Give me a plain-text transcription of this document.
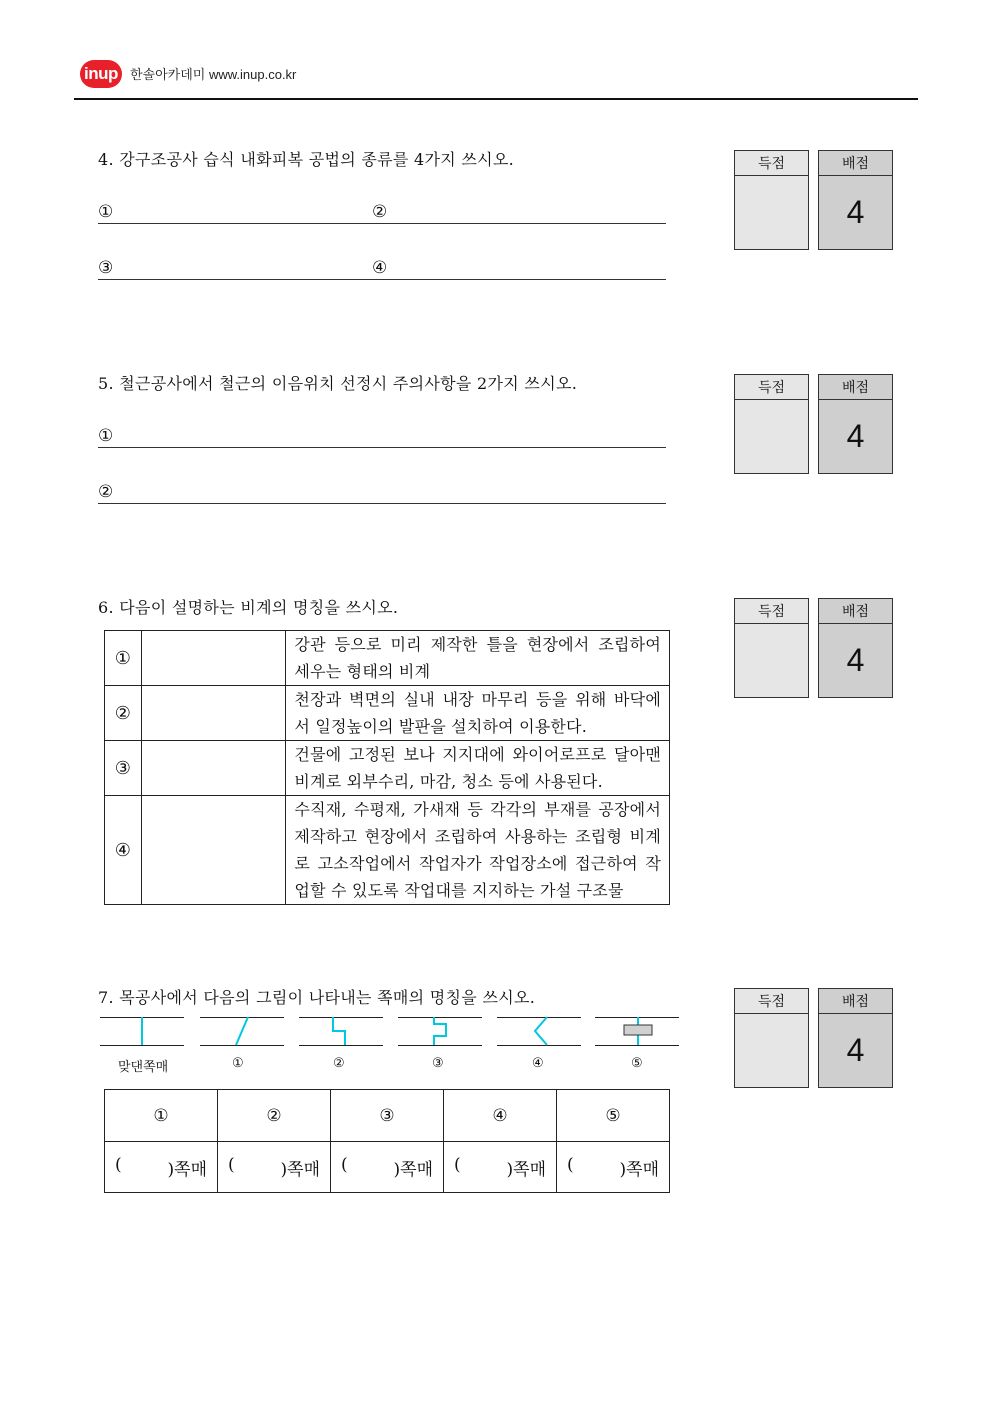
inup 한솔아카데미 www.inup.co.kr
4. 강구조공사 습식 내화피복 공법의 종류를 4가지 쓰시오.
①	②
③	④
득점	배점
4
5. 철근공사에서 철근의 이음위치 선정시 주의사항을 2가지 쓰시오.
①
②
득점	배점
4
6. 다음이 설명하는 비계의 명칭을 쓰시오.
①		강관 등으로 미리 제작한 틀을 현장에서 조립하여
세우는 형태의 비계

②		천장과 벽면의 실내 내장 마무리 등을 위해 바닥에
서 일정높이의 발판을 설치하여 이용한다.

③		건물에 고정된 보나 지지대에 와이어로프로 달아맨
비계로 외부수리, 마감, 청소 등에 사용된다.

④		수직재, 수평재, 가새재 등 각각의 부재를 공장에서 제작하고 현장에서 조립하여 사용하는 조립형 비계로 고소작업에서 작업자가 작업장소에 접근하여 작
업할 수 있도록 작업대를 지지하는 가설 구조물
득점	배점
4
7. 목공사에서 다음의 그림이 나타내는 쪽매의 명칭을 쓰시오.
맞댄쪽매	①	②	③	④	⑤
①	②	③	④	⑤

( )쪽매	( )쪽매	( )쪽매	( )쪽매	( )쪽매
득점	배점
4
